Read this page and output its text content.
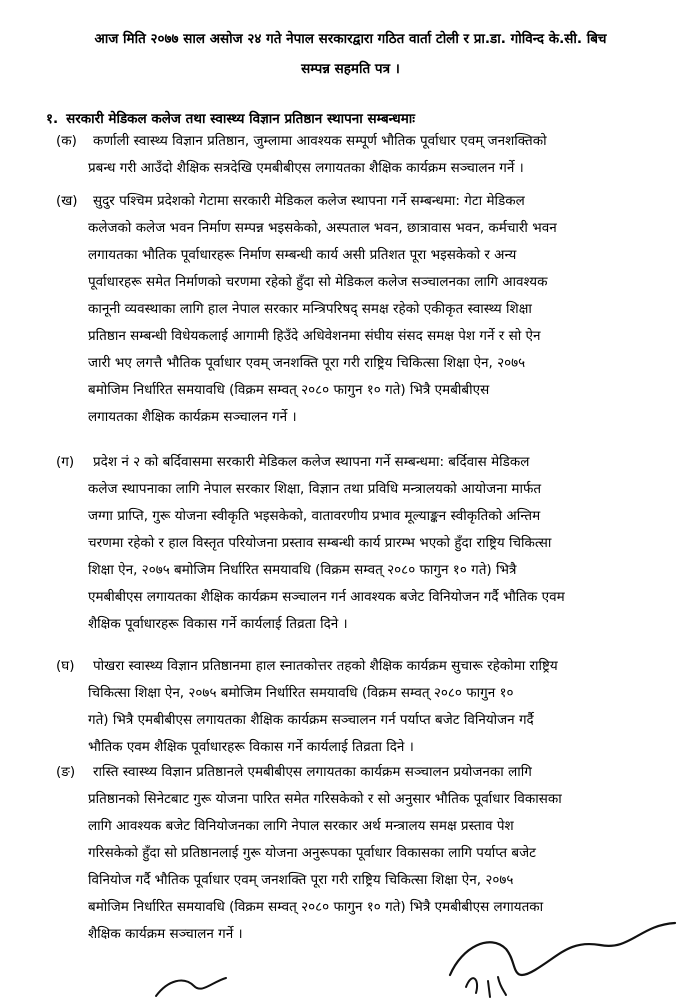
आज मिति २०७७ साल असोज २४ गते नेपाल सरकारद्वारा गठित वार्ता टोली र प्रा.डा. गोविन्द के.सी. बिच
सम्पन्न सहमति पत्र ।
१. सरकारी मेडिकल कलेज तथा स्वास्थ्य विज्ञान प्रतिष्ठान स्थापना सम्बन्धमाः
(क) कर्णाली स्वास्थ्य विज्ञान प्रतिष्ठान, जुम्लामा आवश्यक सम्पूर्ण भौतिक पूर्वाधार एवम् जनशक्तिको
प्रबन्ध गरी आउँदो शैक्षिक सत्रदेखि एमबीबीएस लगायतका शैक्षिक कार्यक्रम सञ्चालन गर्ने ।
(ख) सुदुर पश्चिम प्रदेशको गेटामा सरकारी मेडिकल कलेज स्थापना गर्ने सम्बन्धमा: गेटा मेडिकल
कलेजको कलेज भवन निर्माण सम्पन्न भइसकेको, अस्पताल भवन, छात्रावास भवन, कर्मचारी भवन
लगायतका भौतिक पूर्वाधारहरू निर्माण सम्बन्धी कार्य असी प्रतिशत पूरा भइसकेको र अन्य
पूर्वाधारहरू समेत निर्माणको चरणमा रहेको हुँदा सो मेडिकल कलेज सञ्चालनका लागि आवश्यक
कानूनी व्यवस्थाका लागि हाल नेपाल सरकार मन्त्रिपरिषद् समक्ष रहेको एकीकृत स्वास्थ्य शिक्षा
प्रतिष्ठान सम्बन्धी विधेयकलाई आगामी हिउँदे अधिवेशनमा संघीय संसद समक्ष पेश गर्ने र सो ऐन
जारी भए लगत्तै भौतिक पूर्वाधार एवम् जनशक्ति पूरा गरी राष्ट्रिय चिकित्सा शिक्षा ऐन, २०७५
बमोजिम निर्धारित समयावधि (विक्रम सम्वत् २०८० फागुन १० गते) भित्रै एमबीबीएस
लगायतका शैक्षिक कार्यक्रम सञ्चालन गर्ने ।
(ग) प्रदेश नं २ को बर्दिवासमा सरकारी मेडिकल कलेज स्थापना गर्ने सम्बन्धमा: बर्दिवास मेडिकल
कलेज स्थापनाका लागि नेपाल सरकार शिक्षा, विज्ञान तथा प्रविधि मन्त्रालयको आयोजना मार्फत
जग्गा प्राप्ति, गुरू योजना स्वीकृति भइसकेको, वातावरणीय प्रभाव मूल्याङ्कन स्वीकृतिको अन्तिम
चरणमा रहेको र हाल विस्तृत परियोजना प्रस्ताव सम्बन्धी कार्य प्रारम्भ भएको हुँदा राष्ट्रिय चिकित्सा
शिक्षा ऐन, २०७५ बमोजिम निर्धारित समयावधि (विक्रम सम्वत् २०८० फागुन १० गते) भित्रै
एमबीबीएस लगायतका शैक्षिक कार्यक्रम सञ्चालन गर्न आवश्यक बजेट विनियोजन गर्दै भौतिक एवम
शैक्षिक पूर्वाधारहरू विकास गर्ने कार्यलाई तिव्रता दिने ।
(घ) पोखरा स्वास्थ्य विज्ञान प्रतिष्ठानमा हाल स्नातकोत्तर तहको शैक्षिक कार्यक्रम सुचारू रहेकोमा राष्ट्रिय
चिकित्सा शिक्षा ऐन, २०७५ बमोजिम निर्धारित समयावधि (विक्रम सम्वत् २०८० फागुन १०
गते) भित्रै एमबीबीएस लगायतका शैक्षिक कार्यक्रम सञ्चालन गर्न पर्याप्त बजेट विनियोजन गर्दै
भौतिक एवम शैक्षिक पूर्वाधारहरू विकास गर्ने कार्यलाई तिव्रता दिने ।
(ङ) रास्ति स्वास्थ्य विज्ञान प्रतिष्ठानले एमबीबीएस लगायतका कार्यक्रम सञ्चालन प्रयोजनका लागि
प्रतिष्ठानको सिनेटबाट गुरू योजना पारित समेत गरिसकेको र सो अनुसार भौतिक पूर्वाधार विकासका
लागि आवश्यक बजेट विनियोजनका लागि नेपाल सरकार अर्थ मन्त्रालय समक्ष प्रस्ताव पेश
गरिसकेको हुँदा सो प्रतिष्ठानलाई गुरू योजना अनुरूपका पूर्वाधार विकासका लागि पर्याप्त बजेट
विनियोज गर्दै भौतिक पूर्वाधार एवम् जनशक्ति पूरा गरी राष्ट्रिय चिकित्सा शिक्षा ऐन, २०७५
बमोजिम निर्धारित समयावधि (विक्रम सम्वत् २०८० फागुन १० गते) भित्रै एमबीबीएस लगायतका
शैक्षिक कार्यक्रम सञ्चालन गर्ने ।
